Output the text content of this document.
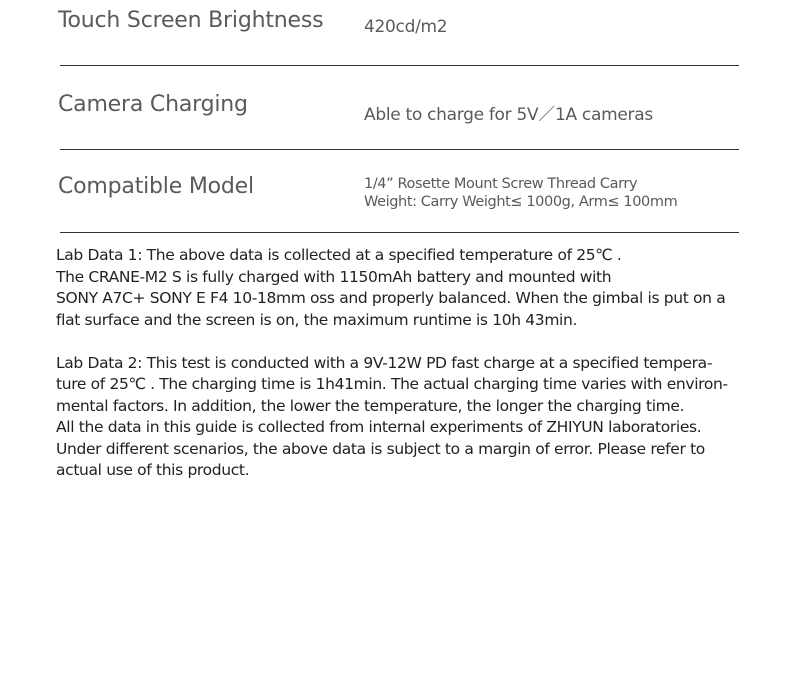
Touch Screen Brightness 420cd/m2
Camera Charging	Able to charge for 5V／1A cameras
Compatible Model	1/4” Rosette Mount Screw Thread Carry
Weight: Carry Weight≤ 1000g, Arm≤ 100mm
Lab Data 1: The above data is collected at a specified temperature of 25℃ .
The CRANE-M2 S is fully charged with 1150mAh battery and mounted with
SONY A7C+ SONY E F4 10-18mm oss and properly balanced. When the gimbal is put on a
flat surface and the screen is on, the maximum runtime is 10h 43min.
Lab Data 2: This test is conducted with a 9V-12W PD fast charge at a specified tempera-
ture of 25℃ . The charging time is 1h41min. The actual charging time varies with environ-
mental factors. In addition, the lower the temperature, the longer the charging time.
All the data in this guide is collected from internal experiments of ZHIYUN laboratories.
Under different scenarios, the above data is subject to a margin of error. Please refer to
actual use of this product.
